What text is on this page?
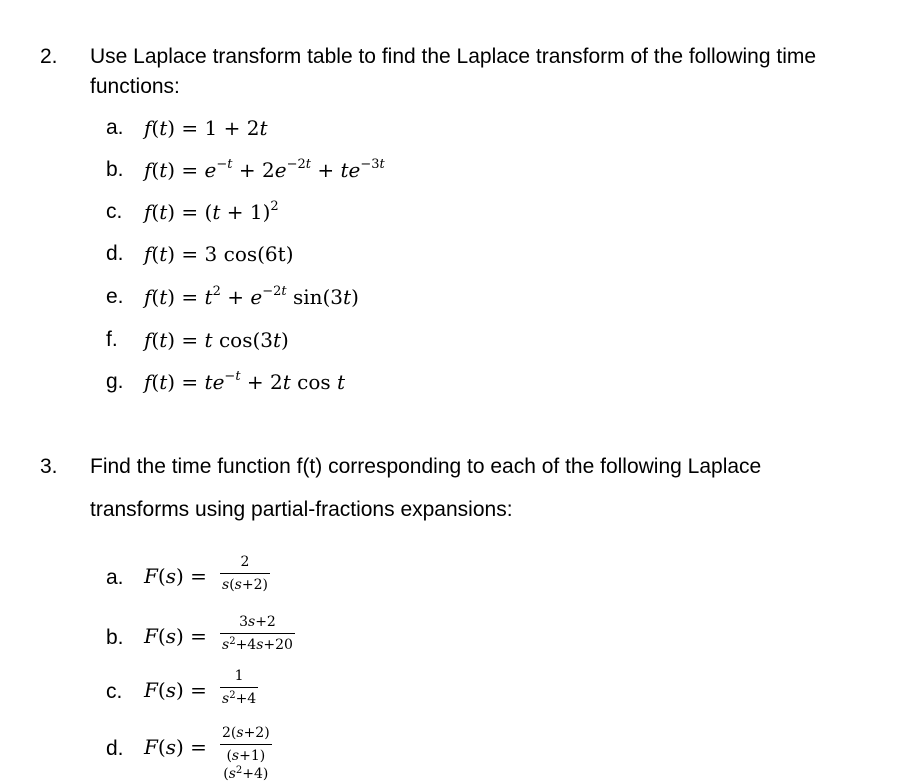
2. Use Laplace transform table to find the Laplace transform of the following time
functions:
a. f(t) = 1 + 2t
b. $f(t) = e^{-t} + 2e^{-2t} + te^{-3t}$
c. $f(t) = (t + 1)^2$
d. f(t) = 3 cos(6t)
e. $f(t) = t^2 + e^{-2t}$ sin(3t)
f. f(t) = t cos(3t)
g. $f(t) = te^{-t} + 2t$ cos t
3. Find the time function f(t) corresponding to each of the following Laplace
transforms using partial-fractions expansions:
a. $F(s) = \frac{2}{s(s+2)}$
b. $F(s) = \frac{3s+2}{s^2+4s+20}$
c. $F(s) = \frac{1}{s^2+4}$
d. $F(s) = \frac{2(s+2)}{(s+1)(s^2+4)}$
